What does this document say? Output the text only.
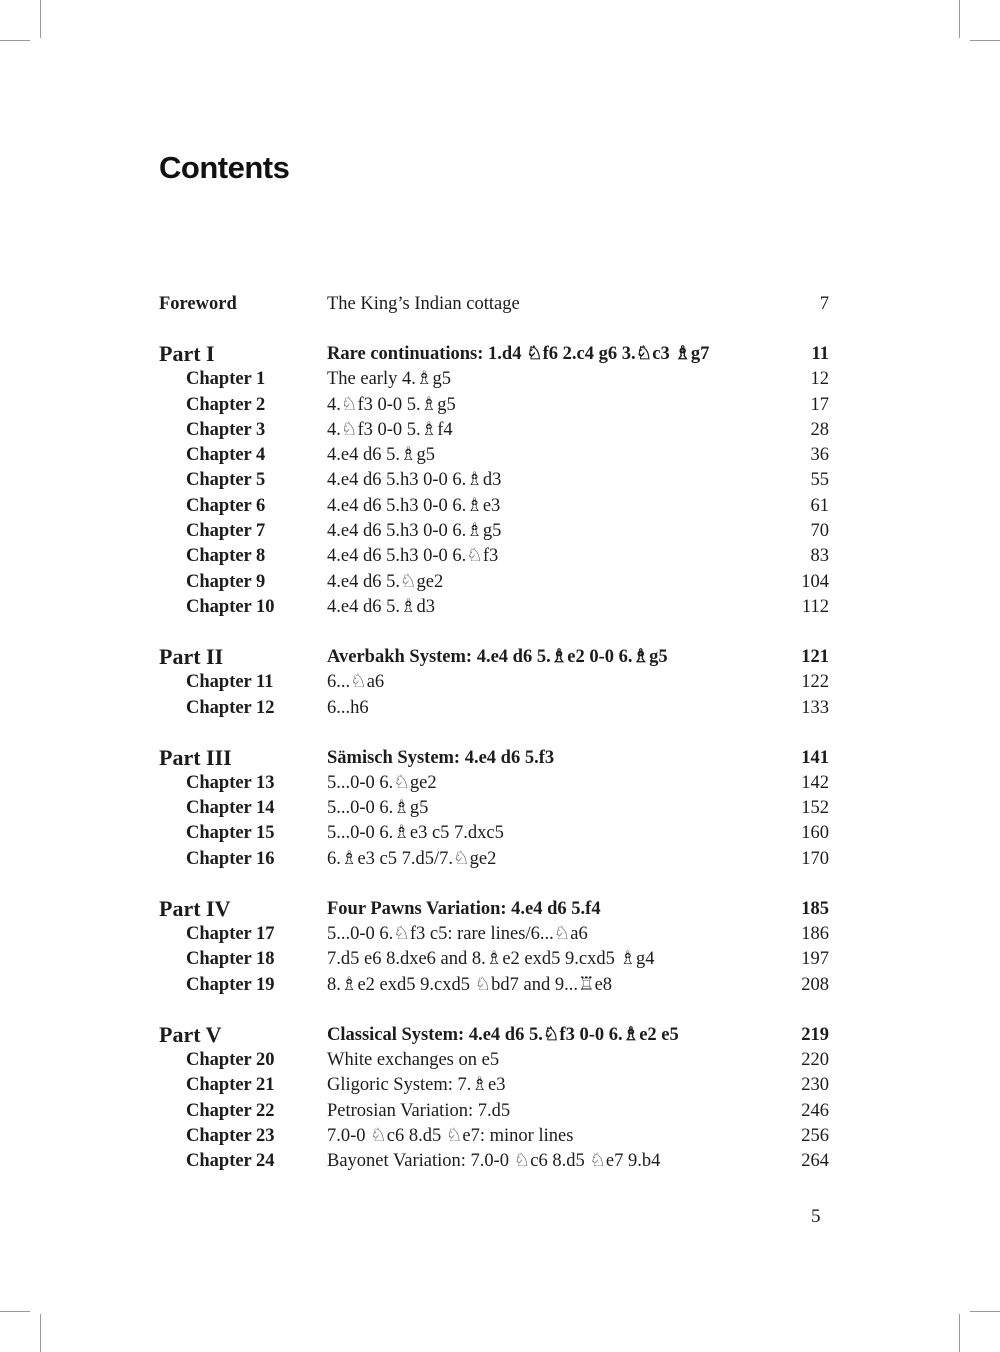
Contents
Foreword	The King’s Indian cottage	7
Part I	Rare continuations: 1.d4 ♘f6 2.c4 g6 3.♘c3 ♗g7	11
Chapter 1	The early 4.♗g5	12
Chapter 2	4.♘f3 0-0 5.♗g5	17
Chapter 3	4.♘f3 0-0 5.♗f4	28
Chapter 4	4.e4 d6 5.♗g5	36
Chapter 5	4.e4 d6 5.h3 0-0 6.♗d3	55
Chapter 6	4.e4 d6 5.h3 0-0 6.♗e3	61
Chapter 7	4.e4 d6 5.h3 0-0 6.♗g5	70
Chapter 8	4.e4 d6 5.h3 0-0 6.♘f3	83
Chapter 9	4.e4 d6 5.♘ge2	104
Chapter 10	4.e4 d6 5.♗d3	112
Part II	Averbakh System: 4.e4 d6 5.♗e2 0-0 6.♗g5	121
Chapter 11	6...♘a6	122
Chapter 12	6...h6	133
Part III	Sämisch System: 4.e4 d6 5.f3	141
Chapter 13	5...0-0 6.♘ge2	142
Chapter 14	5...0-0 6.♗g5	152
Chapter 15	5...0-0 6.♗e3 c5 7.dxc5	160
Chapter 16	6.♗e3 c5 7.d5/7.♘ge2	170
Part IV	Four Pawns Variation: 4.e4 d6 5.f4	185
Chapter 17	5...0-0 6.♘f3 c5: rare lines/6...♘a6	186
Chapter 18	7.d5 e6 8.dxe6 and 8.♗e2 exd5 9.cxd5 ♗g4	197
Chapter 19	8.♗e2 exd5 9.cxd5 ♘bd7 and 9...♖e8	208
Part V	Classical System: 4.e4 d6 5.♘f3 0-0 6.♗e2 e5	219
Chapter 20	White exchanges on e5	220
Chapter 21	Gligoric System: 7.♗e3	230
Chapter 22	Petrosian Variation: 7.d5	246
Chapter 23	7.0-0 ♘c6 8.d5 ♘e7: minor lines	256
Chapter 24	Bayonet Variation: 7.0-0 ♘c6 8.d5 ♘e7 9.b4	264
5
